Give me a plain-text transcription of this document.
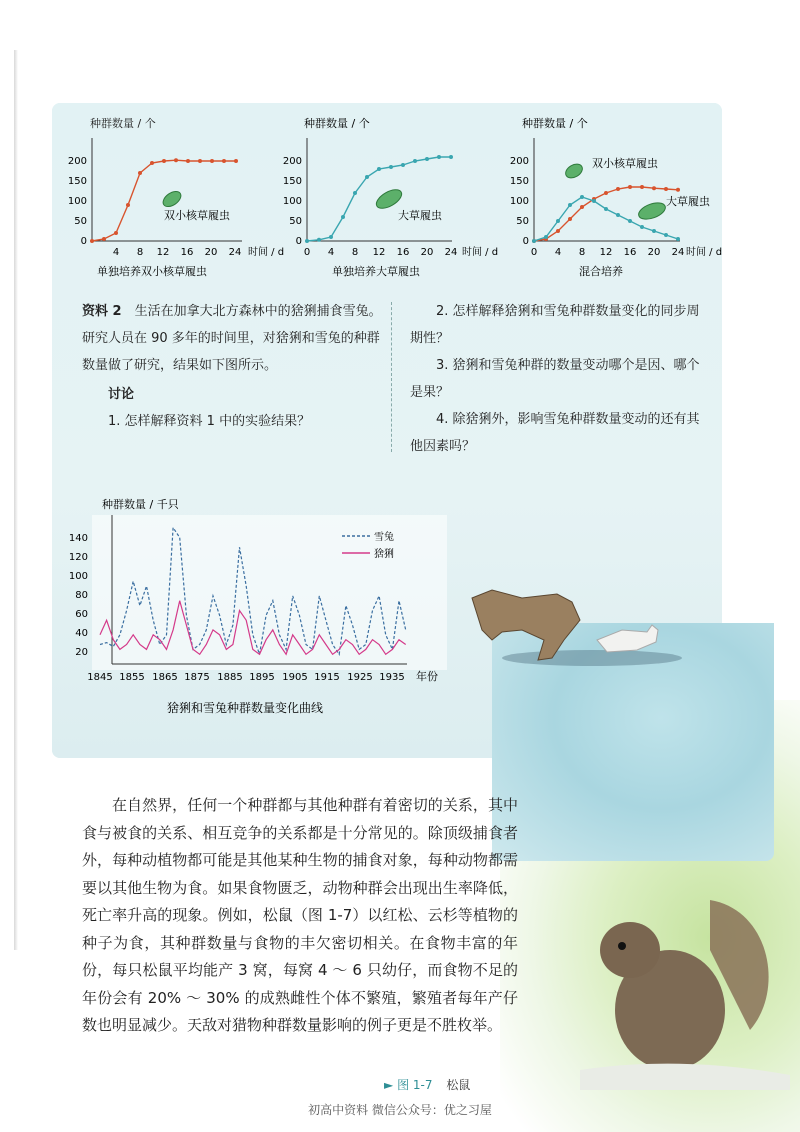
种群数量 / 个
0
50
100
150
200
4 8 12 16 20 24 时间 / d
双小核草履虫
单独培养双小核草履虫
种群数量 / 个
0
50
100
150
200
0 4 8 12 16 20 24 时间 / d
大草履虫
单独培养大草履虫
种群数量 / 个
0
50
100
150
200
0 4 8 12 16 20 24 时间 / d
双小核草履虫
大草履虫
混合培养

资料 2　 生活在加拿大北方森林中的猞猁捕食雪兔。研究人员在 90 多年的时间里，对猞猁和雪兔的种群数量做了研究，结果如下图所示。

讨论

1. 怎样解释资料 1 中的实验结果？

2. 怎样解释猞猁和雪兔种群数量变化的同步周期性？

3. 猞猁和雪兔种群的数量变动哪个是因、哪个是果？

4. 除猞猁外，影响雪兔种群数量变动的还有其他因素吗？

种群数量 / 千只
20
40
60
80
100
120
140
1845 1855 1865 1875 1885 1895 1905 1915 1925 1935 年份
雪兔
猞猁
猞猁和雪兔种群数量变化曲线

在自然界，任何一个种群都与其他种群有着密切的关系，其中食与被食的关系、相互竞争的关系都是十分常见的。除顶级捕食者外，每种动植物都可能是其他某种生物的捕食对象，每种动物都需要以其他生物为食。如果食物匮乏，动物种群会出现出生率降低，死亡率升高的现象。例如，松鼠（图 1-7）以红松、云杉等植物的种子为食，其种群数量与食物的丰欠密切相关。在食物丰富的年份，每只松鼠平均能产 3 窝，每窝 4 ～ 6 只幼仔，而食物不足的年份会有 20% ～ 30% 的成熟雌性个体不繁殖，繁殖者每年产仔数也明显减少。天敌对猎物种群数量影响的例子更是不胜枚举。

► 图 1-7 松鼠
初高中资料 微信公众号：优之习屋
